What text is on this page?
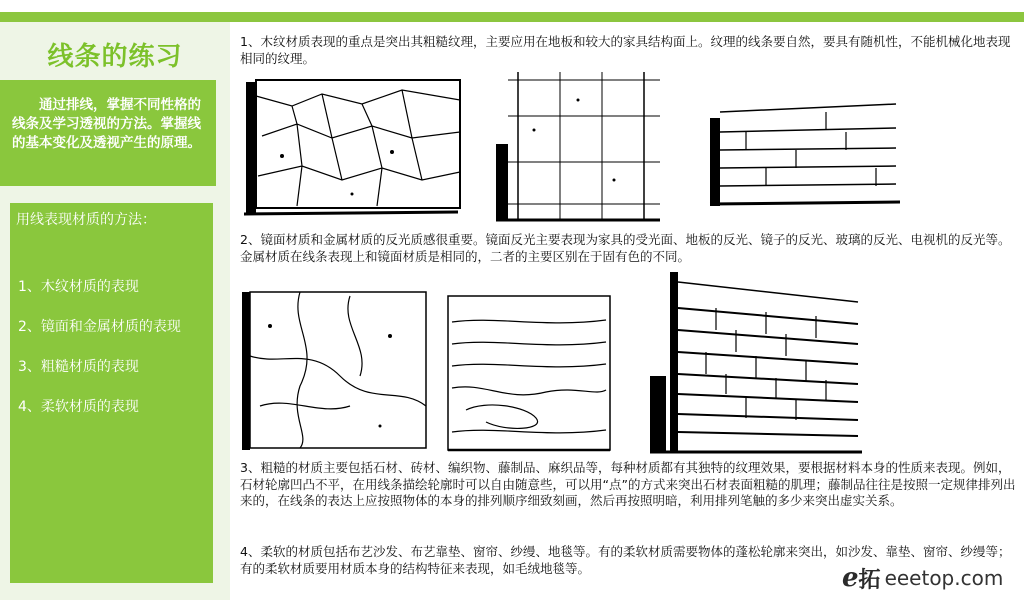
线条的练习
通过排线，掌握不同性格的线条及学习透视的方法。掌握线的基本变化及透视产生的原理。
用线表现材质的方法：
1、木纹材质的表现
2、镜面和金属材质的表现
3、粗糙材质的表现
4、柔软材质的表现
1、木纹材质表现的重点是突出其粗糙纹理，主要应用在地板和较大的家具结构面上。纹理的线条要自然，要具有随机性，不能机械化地表现相同的纹理。
2、镜面材质和金属材质的反光质感很重要。镜面反光主要表现为家具的受光面、地板的反光、镜子的反光、玻璃的反光、电视机的反光等。金属材质在线条表现上和镜面材质是相同的，二者的主要区别在于固有色的不同。
3、粗糙的材质主要包括石材、砖材、编织物、藤制品、麻织品等，每种材质都有其独特的纹理效果，要根据材料本身的性质来表现。例如，石材轮廓凹凸不平，在用线条描绘轮廓时可以自由随意些，可以用“点”的方式来突出石材表面粗糙的肌理；藤制品往往是按照一定规律排列出来的，在线条的表达上应按照物体的本身的排列顺序细致刻画，然后再按照明暗，利用排列笔触的多少来突出虚实关系。
4、柔软的材质包括布艺沙发、布艺靠垫、窗帘、纱缦、地毯等。有的柔软材质需要物体的蓬松轮廓来突出，如沙发、靠垫、窗帘、纱缦等；有的柔软材质要用材质本身的结构特征来表现，如毛绒地毯等。	e 拓 eeetop.com
